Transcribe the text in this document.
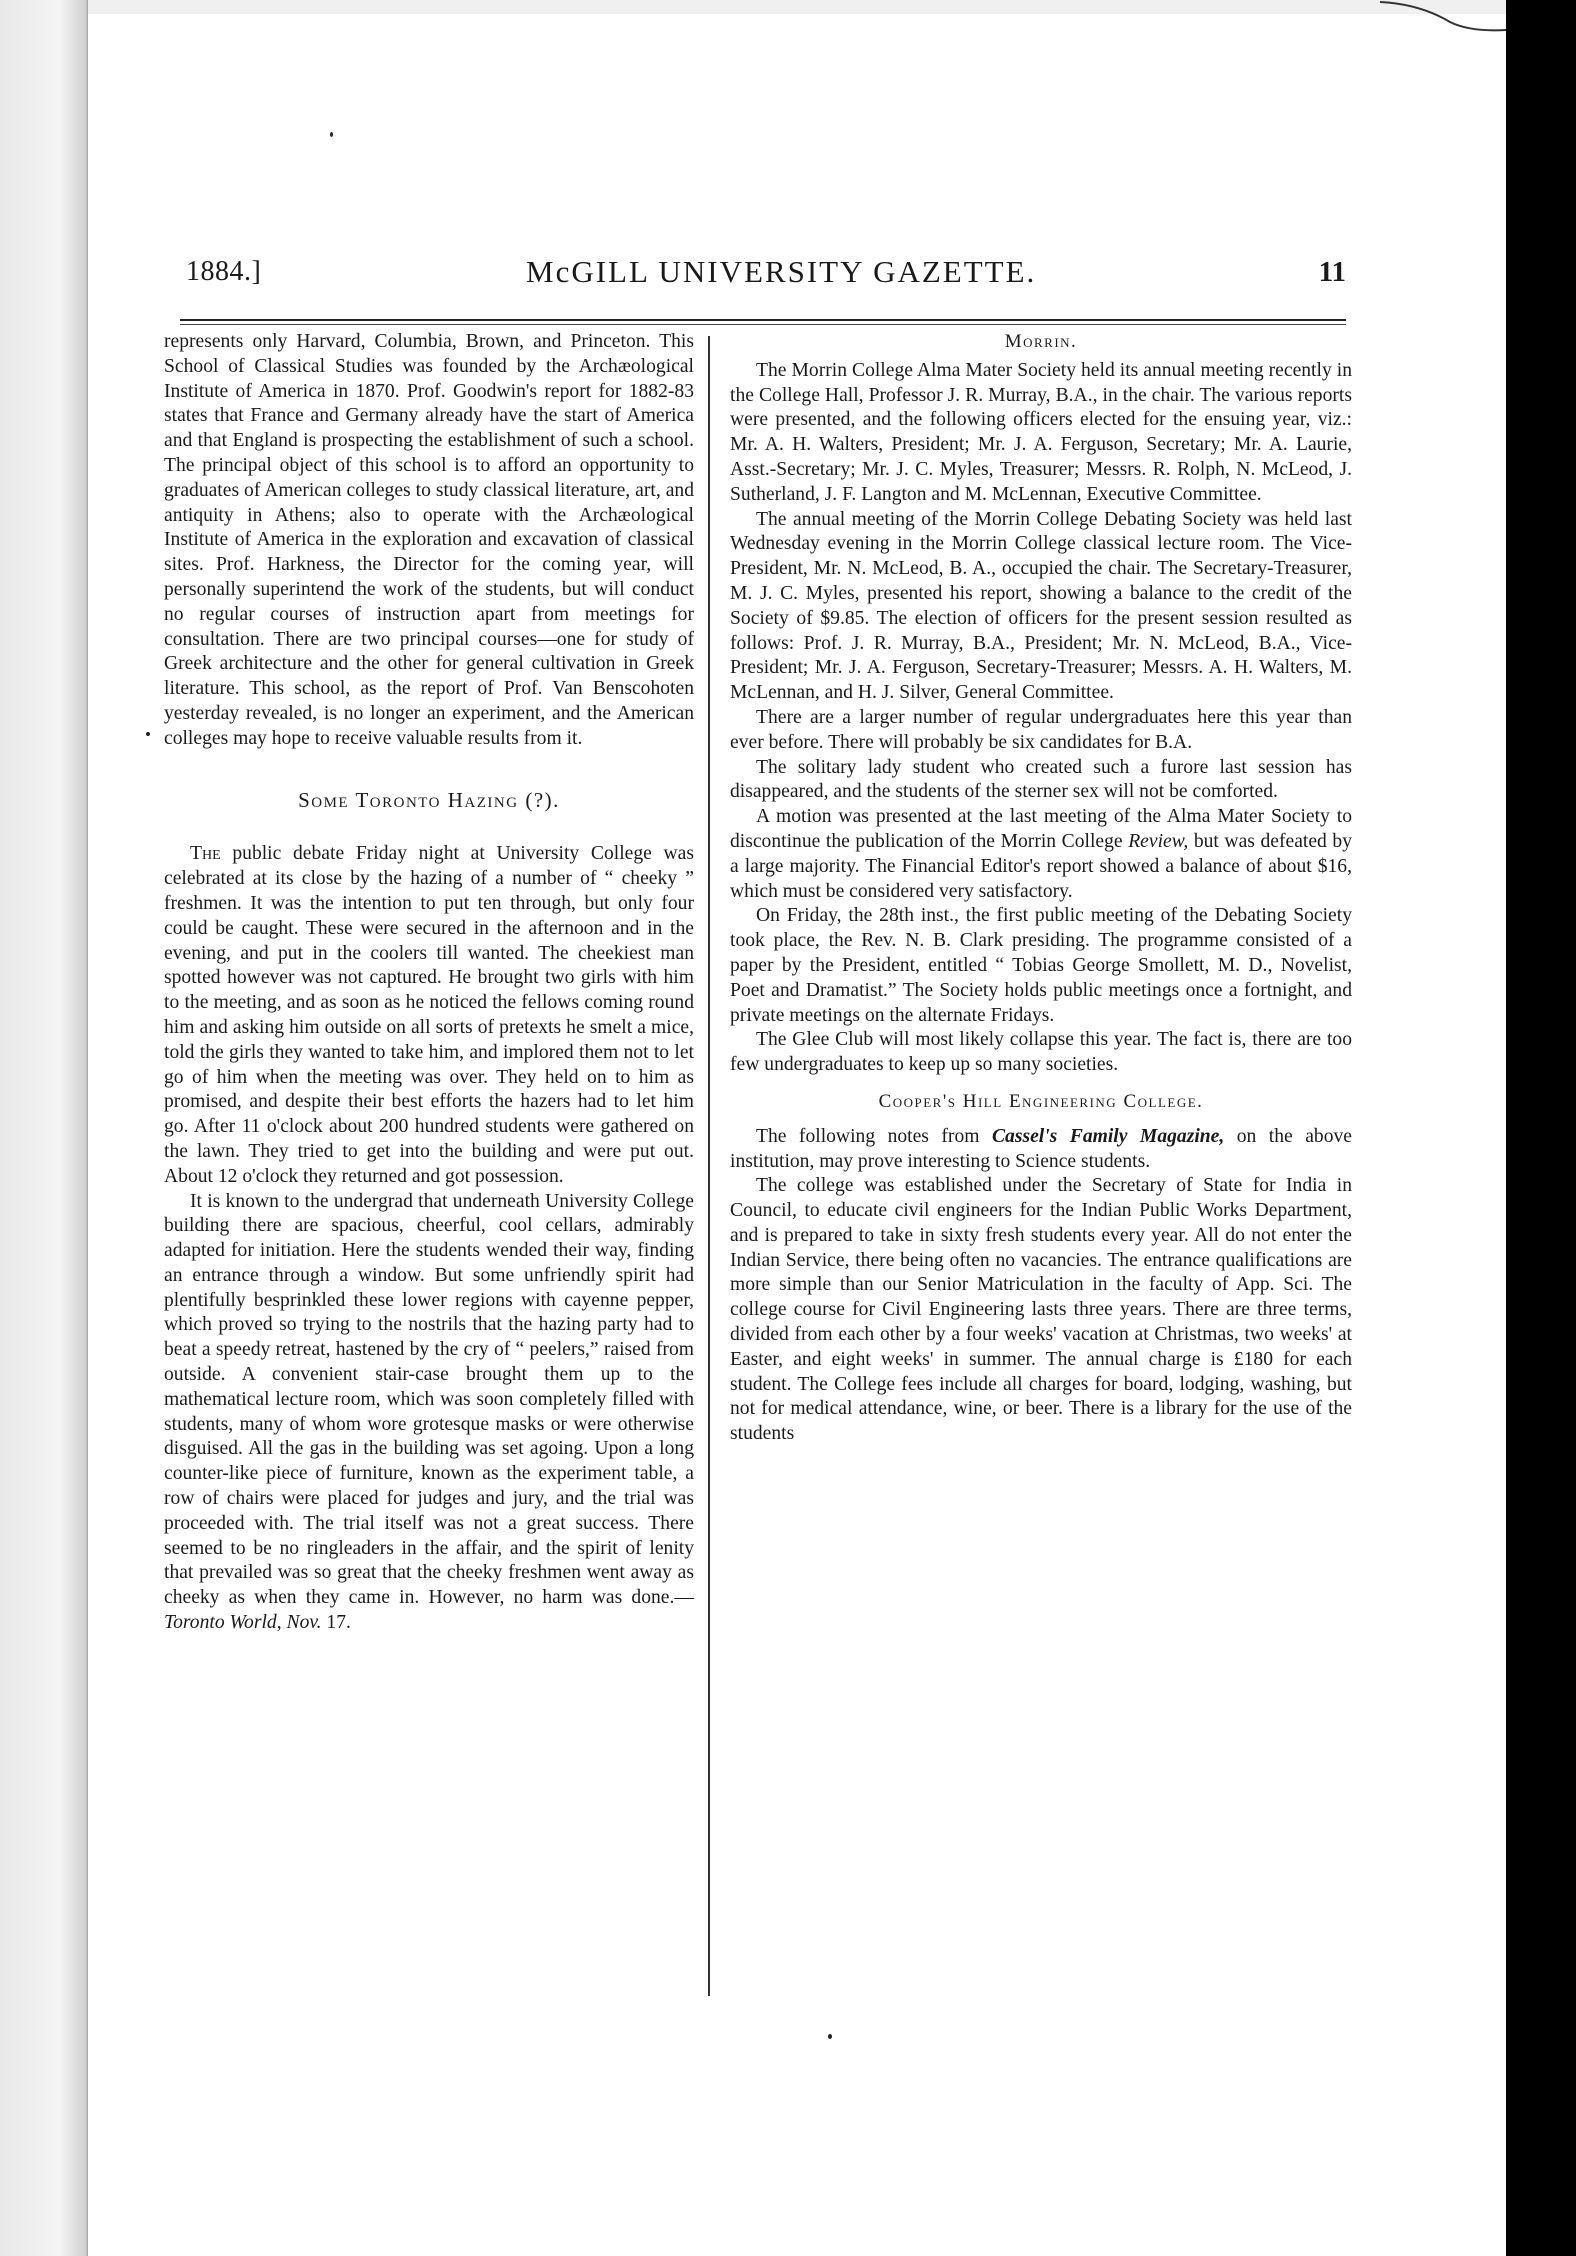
1884.]	McGILL UNIVERSITY GAZETTE.	11

represents only Harvard, Columbia, Brown, and Princeton. This School of Classical Studies was founded by the Archæological Institute of America in 1870. Prof. Goodwin's report for 1882-83 states that France and Germany already have the start of America and that England is prospecting the establishment of such a school. The principal object of this school is to afford an opportunity to graduates of American colleges to study classical literature, art, and antiquity in Athens; also to operate with the Archæological Institute of America in the exploration and excavation of classical sites. Prof. Harkness, the Director for the coming year, will personally superintend the work of the students, but will conduct no regular courses of instruction apart from meetings for consultation. There are two principal courses—one for study of Greek architecture and the other for general cultivation in Greek literature. This school, as the report of Prof. Van Benscohoten yesterday revealed, is no longer an experiment, and the American colleges may hope to receive valuable results from it.

Some Toronto Hazing (?).

The public debate Friday night at University College was celebrated at its close by the hazing of a number of “ cheeky ” freshmen. It was the intention to put ten through, but only four could be caught. These were secured in the afternoon and in the evening, and put in the coolers till wanted. The cheekiest man spotted however was not captured. He brought two girls with him to the meeting, and as soon as he noticed the fellows coming round him and asking him outside on all sorts of pretexts he smelt a mice, told the girls they wanted to take him, and implored them not to let go of him when the meeting was over. They held on to him as promised, and despite their best efforts the hazers had to let him go. After 11 o'clock about 200 hundred students were gathered on the lawn. They tried to get into the building and were put out. About 12 o'clock they returned and got possession.

It is known to the undergrad that underneath University College building there are spacious, cheerful, cool cellars, admirably adapted for initiation. Here the students wended their way, finding an entrance through a window. But some unfriendly spirit had plentifully besprinkled these lower regions with cayenne pepper, which proved so trying to the nostrils that the hazing party had to beat a speedy retreat, hastened by the cry of “ peelers,” raised from outside. A convenient stair-case brought them up to the mathematical lecture room, which was soon completely filled with students, many of whom wore grotesque masks or were otherwise disguised. All the gas in the building was set agoing. Upon a long counter-like piece of furniture, known as the experiment table, a row of chairs were placed for judges and jury, and the trial was proceeded with. The trial itself was not a great success. There seemed to be no ringleaders in the affair, and the spirit of lenity that prevailed was so great that the cheeky freshmen went away as cheeky as when they came in. However, no harm was done.—Toronto World, Nov. 17.

Morrin.

The Morrin College Alma Mater Society held its annual meeting recently in the College Hall, Professor J. R. Murray, B.A., in the chair. The various reports were presented, and the following officers elected for the ensuing year, viz.: Mr. A. H. Walters, President; Mr. J. A. Ferguson, Secretary; Mr. A. Laurie, Asst.-Secretary; Mr. J. C. Myles, Treasurer; Messrs. R. Rolph, N. McLeod, J. Sutherland, J. F. Langton and M. McLennan, Executive Committee.

The annual meeting of the Morrin College Debating Society was held last Wednesday evening in the Morrin College classical lecture room. The Vice-President, Mr. N. McLeod, B. A., occupied the chair. The Secretary-Treasurer, M. J. C. Myles, presented his report, showing a balance to the credit of the Society of $9.85. The election of officers for the present session resulted as follows: Prof. J. R. Murray, B.A., President; Mr. N. McLeod, B.A., Vice-President; Mr. J. A. Ferguson, Secretary-Treasurer; Messrs. A. H. Walters, M. McLennan, and H. J. Silver, General Committee.

There are a larger number of regular undergraduates here this year than ever before. There will probably be six candidates for B.A.

The solitary lady student who created such a furore last session has disappeared, and the students of the sterner sex will not be comforted.

A motion was presented at the last meeting of the Alma Mater Society to discontinue the publication of the Morrin College Review, but was defeated by a large majority. The Financial Editor's report showed a balance of about $16, which must be considered very satisfactory.

On Friday, the 28th inst., the first public meeting of the Debating Society took place, the Rev. N. B. Clark presiding. The programme consisted of a paper by the President, entitled “ Tobias George Smollett, M. D., Novelist, Poet and Dramatist.” The Society holds public meetings once a fortnight, and private meetings on the alternate Fridays.

The Glee Club will most likely collapse this year. The fact is, there are too few undergraduates to keep up so many societies.

Cooper's Hill Engineering College.

The following notes from Cassel's Family Magazine, on the above institution, may prove interesting to Science students.

The college was established under the Secretary of State for India in Council, to educate civil engineers for the Indian Public Works Department, and is prepared to take in sixty fresh students every year. All do not enter the Indian Service, there being often no vacancies. The entrance qualifications are more simple than our Senior Matriculation in the faculty of App. Sci. The college course for Civil Engineering lasts three years. There are three terms, divided from each other by a four weeks' vacation at Christmas, two weeks' at Easter, and eight weeks' in summer. The annual charge is £180 for each student. The College fees include all charges for board, lodging, washing, but not for medical attendance, wine, or beer. There is a library for the use of the students
